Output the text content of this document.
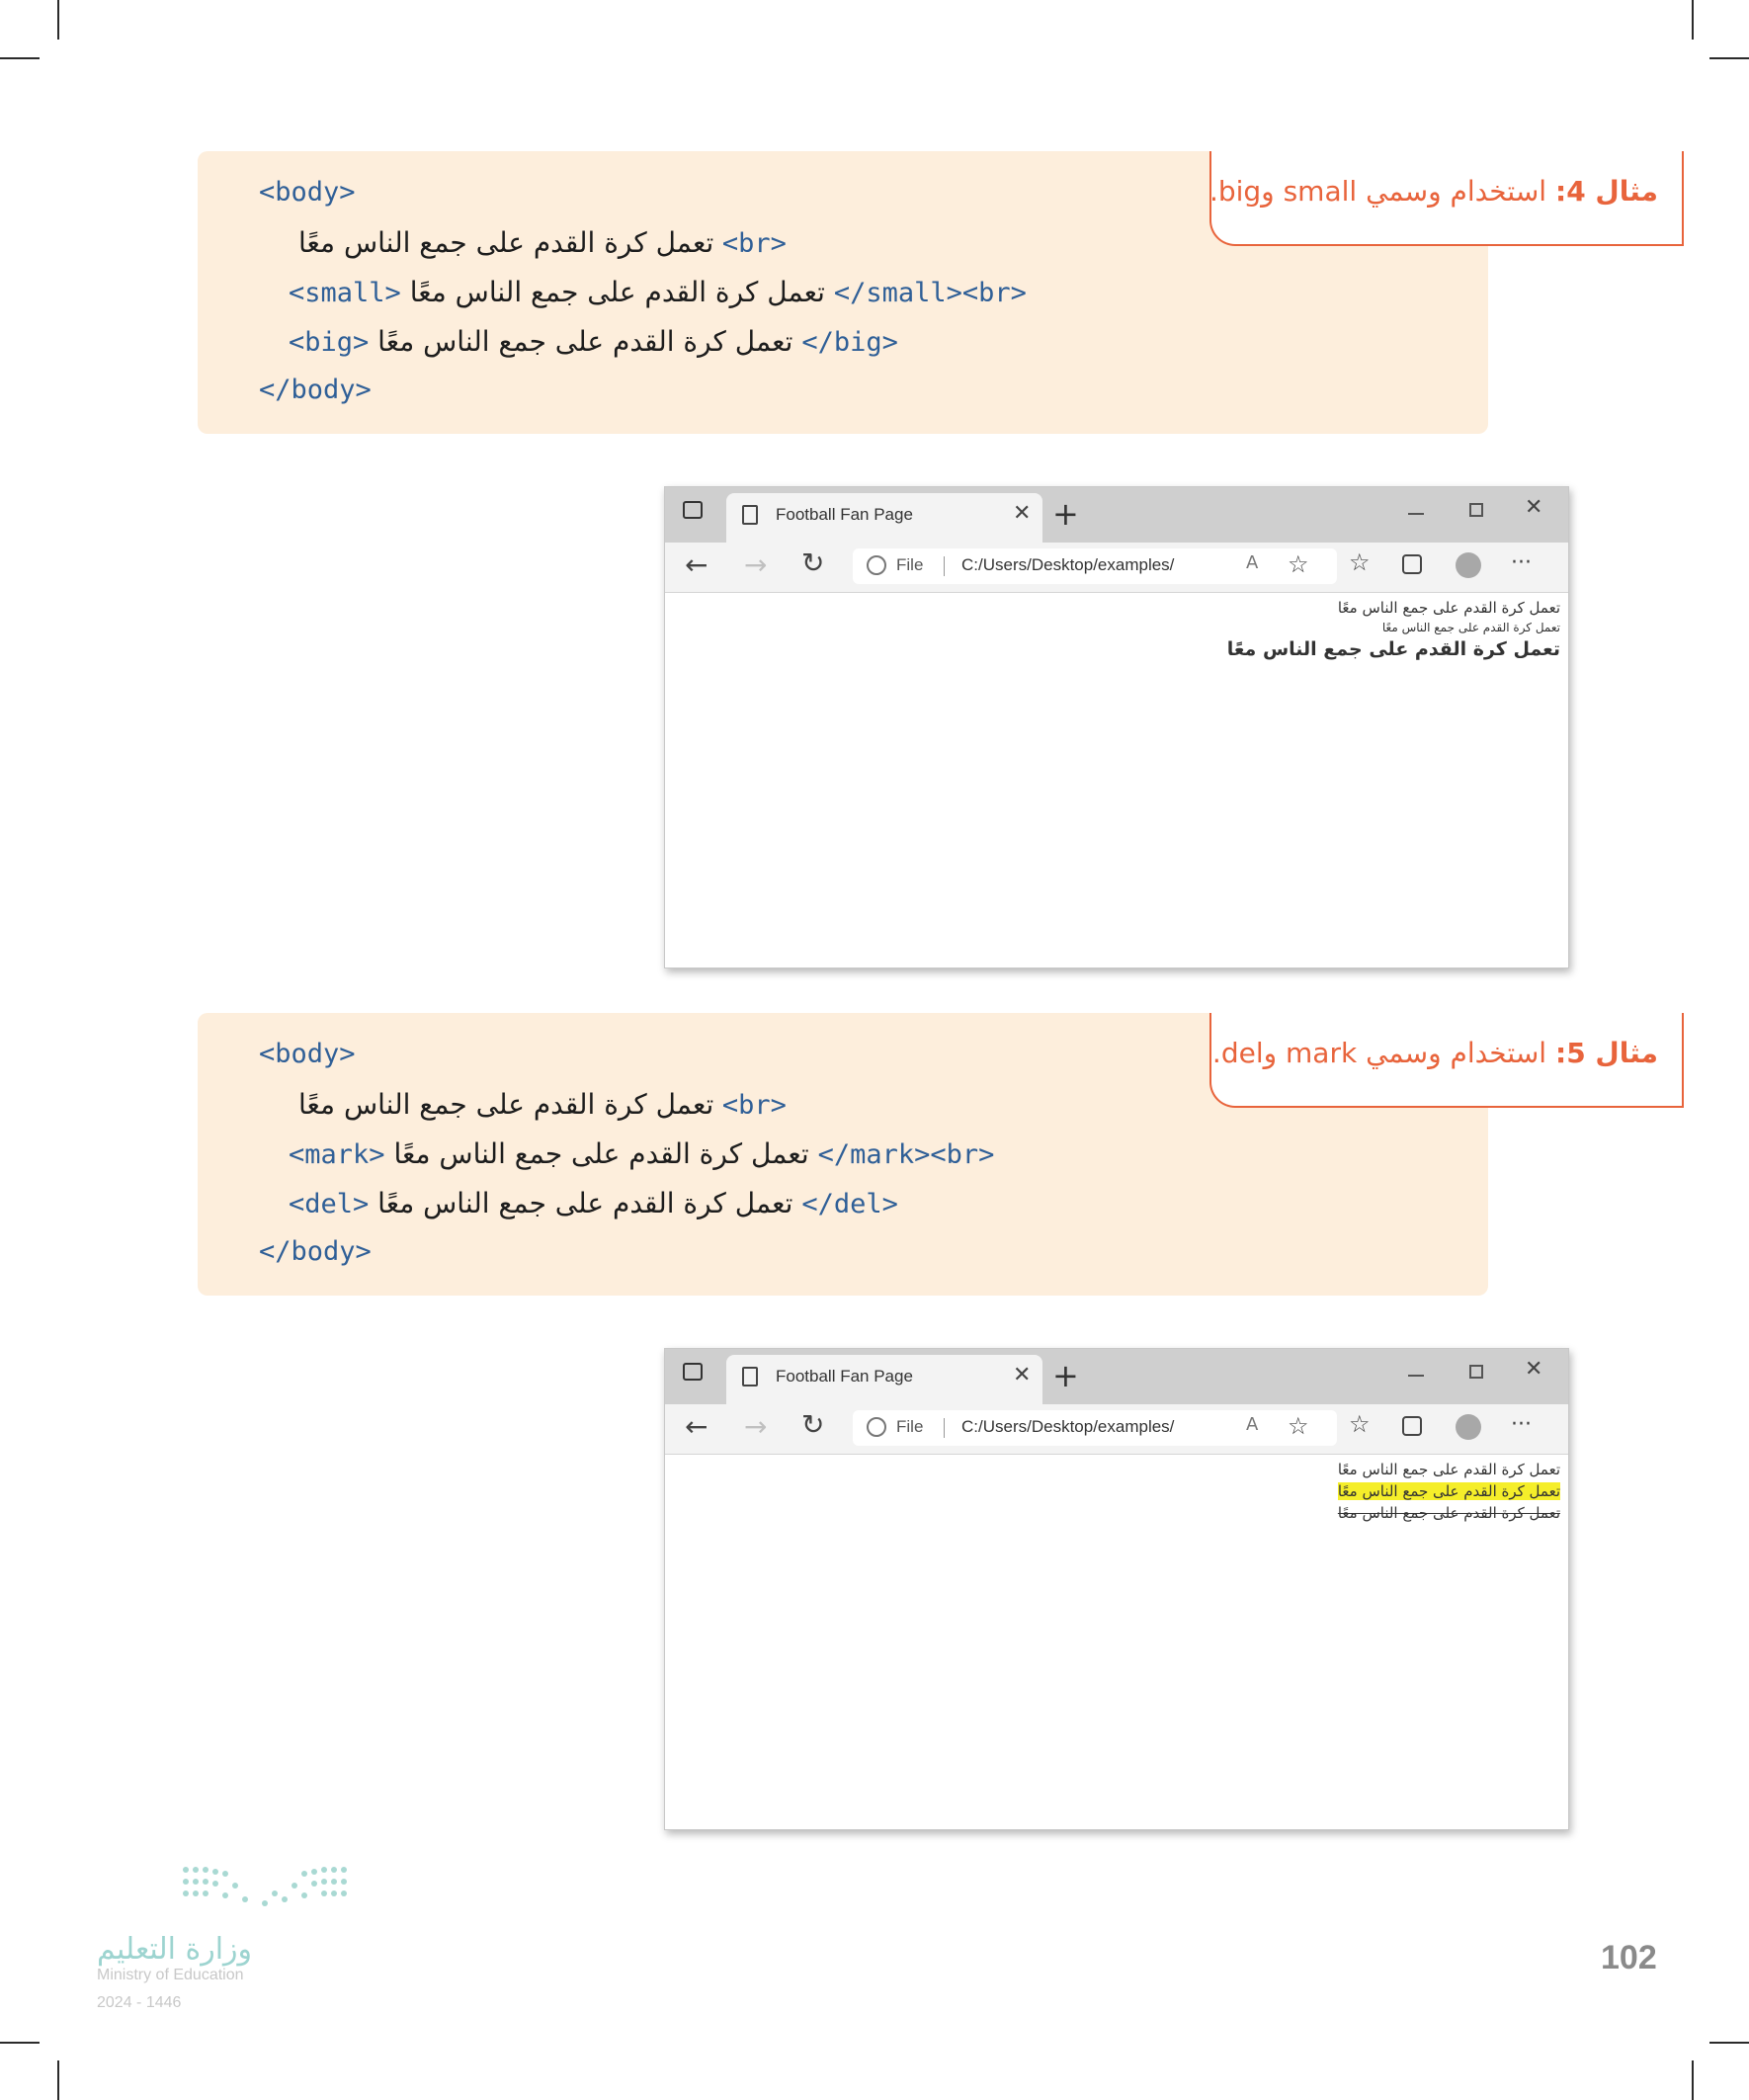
مثال 4: استخدام وسمي small وbig.
<body>
تعمل كرة القدم على جمع الناس معًا <br>
<small> تعمل كرة القدم على جمع الناس معًا </small><br>
<big> تعمل كرة القدم على جمع الناس معًا </big>
</body>
Football Fan Page	✕ +	✕
← → ↻	File C:/Users/Desktop/examples/	A ☆ ☆	···
تعمل كرة القدم على جمع الناس معًا
تعمل كرة القدم على جمع الناس معًا
تعمل كرة القدم على جمع الناس معًا
مثال 5: استخدام وسمي mark وdel.
<body>
تعمل كرة القدم على جمع الناس معًا <br>
<mark> تعمل كرة القدم على جمع الناس معًا </mark><br>
<del> تعمل كرة القدم على جمع الناس معًا </del>
</body>
Football Fan Page	✕ +	✕
← → ↻	File C:/Users/Desktop/examples/	A ☆ ☆	···
تعمل كرة القدم على جمع الناس معًا
تعمل كرة القدم على جمع الناس معًا
تعمل كرة القدم على جمع الناس معًا
وزارة التعليم
Ministry of Education
2024 - 1446
102
